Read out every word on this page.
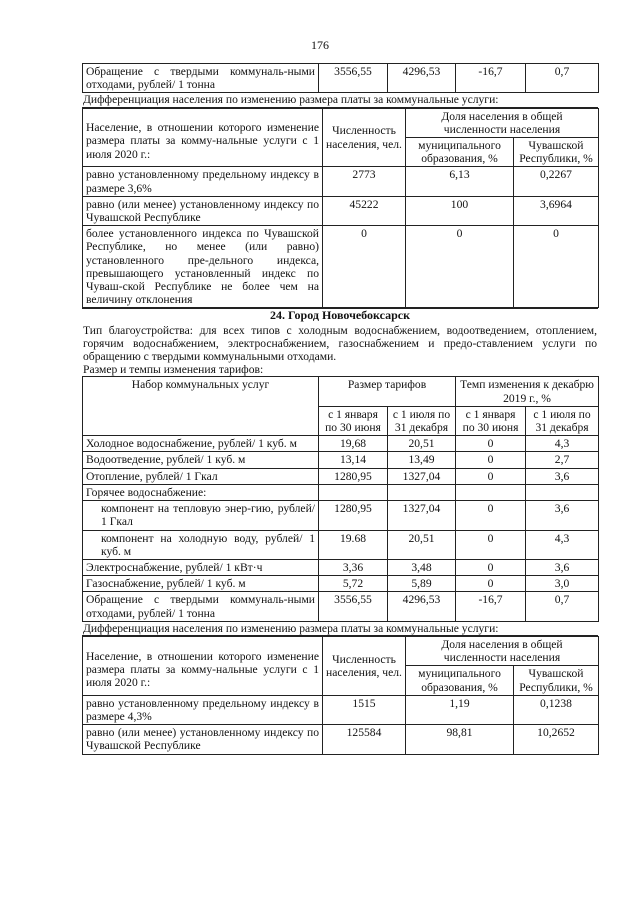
176
Обращение с твердыми коммуналь-ными отходами, рублей/ 1 тонна	3556,55	4296,53	-16,7	0,7
Дифференциация населения по изменению размера платы за коммунальные услуги:
Население, в отношении которого изменение размера платы за комму-нальные услуги с 1 июля 2020 г.:	Численность населения, чел.	Доля населения в общей численности населения	
		муниципального образования, %	Чувашской Республики, %
равно установленному предельному индексу в размере 3,6%	2773	6,13	0,2267
равно (или менее) установленному индексу по Чувашской Республике	45222	100	3,6964
более установленного индекса по Чувашской Республике, но менее (или равно) установленного пре-дельного индекса, превышающего установленный индекс по Чуваш-ской Республике не более чем на величину отклонения	0	0	0
24. Город Новочебоксарск
Тип благоустройства: для всех типов с холодным водоснабжением, водоотведением, отоплением, горячим водоснабжением, электроснабжением, газоснабжением и предо-ставлением услуги по обращению с твердыми коммунальными отходами.
Размер и темпы изменения тарифов:
Набор коммунальных услуг	Размер тарифов		Темп изменения к декабрю 2019 г., %	
	с 1 января по 30 июня	с 1 июля по 31 декабря	с 1 января по 30 июня	с 1 июля по 31 декабря
Холодное водоснабжение, рублей/ 1 куб. м	19,68	20,51	0	4,3
Водоотведение, рублей/ 1 куб. м	13,14	13,49	0	2,7
Отопление, рублей/ 1 Гкал	1280,95	1327,04	0	3,6
Горячее водоснабжение:				
компонент на тепловую энер-гию, рублей/ 1 Гкал	1280,95	1327,04	0	3,6
компонент на холодную воду, рублей/ 1 куб. м	19.68	20,51	0	4,3
Электроснабжение, рублей/ 1 кВт·ч	3,36	3,48	0	3,6
Газоснабжение, рублей/ 1 куб. м	5,72	5,89	0	3,0
Обращение с твердыми коммуналь-ными отходами, рублей/ 1 тонна	3556,55	4296,53	-16,7	0,7
Дифференциация населения по изменению размера платы за коммунальные услуги:
Население, в отношении которого изменение размера платы за комму-нальные услуги с 1 июля 2020 г.:	Численность населения, чел.	Доля населения в общей численности населения	
		муниципального образования, %	Чувашской Республики, %
равно установленному предельному индексу в размере 4,3%	1515	1,19	0,1238
равно (или менее) установленному индексу по Чувашской Республике	125584	98,81	10,2652
